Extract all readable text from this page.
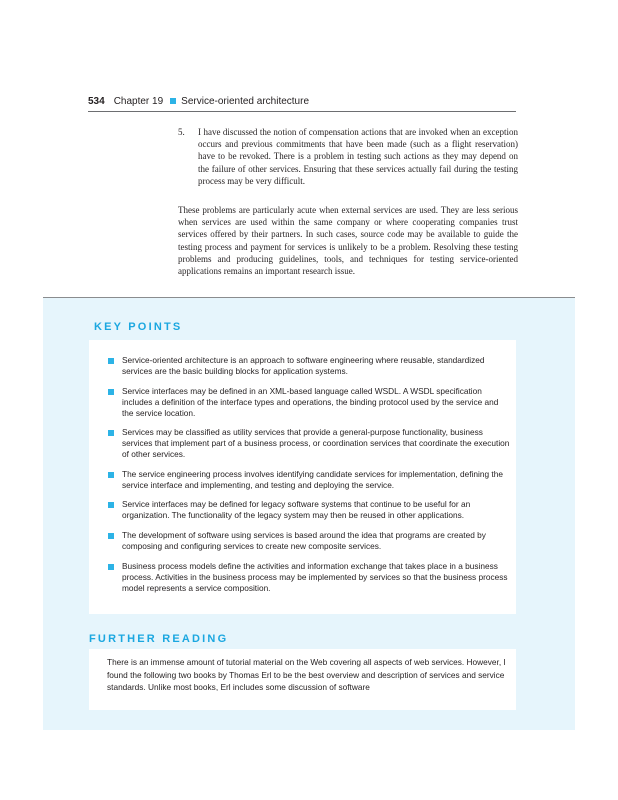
534 Chapter 19 Service-oriented architecture
5. I have discussed the notion of compensation actions that are invoked when an exception occurs and previous commitments that have been made (such as a flight reservation) have to be revoked. There is a problem in testing such actions as they may depend on the failure of other services. Ensuring that these services actually fail during the testing process may be very difficult.
These problems are particularly acute when external services are used. They are less serious when services are used within the same company or where cooperating companies trust services offered by their partners. In such cases, source code may be available to guide the testing process and payment for services is unlikely to be a problem. Resolving these testing problems and producing guidelines, tools, and techniques for testing service-oriented applications remains an important research issue.
KEY POINTS
Service-oriented architecture is an approach to software engineering where reusable, standardized services are the basic building blocks for application systems.
Service interfaces may be defined in an XML-based language called WSDL. A WSDL specification includes a definition of the interface types and operations, the binding protocol used by the service and the service location.
Services may be classified as utility services that provide a general-purpose functionality, business services that implement part of a business process, or coordination services that coordinate the execution of other services.
The service engineering process involves identifying candidate services for implementation, defining the service interface and implementing, and testing and deploying the service.
Service interfaces may be defined for legacy software systems that continue to be useful for an organization. The functionality of the legacy system may then be reused in other applications.
The development of software using services is based around the idea that programs are created by composing and configuring services to create new composite services.
Business process models define the activities and information exchange that takes place in a business process. Activities in the business process may be implemented by services so that the business process model represents a service composition.
FURTHER READING
There is an immense amount of tutorial material on the Web covering all aspects of web services. However, I found the following two books by Thomas Erl to be the best overview and description of services and service standards. Unlike most books, Erl includes some discussion of software
